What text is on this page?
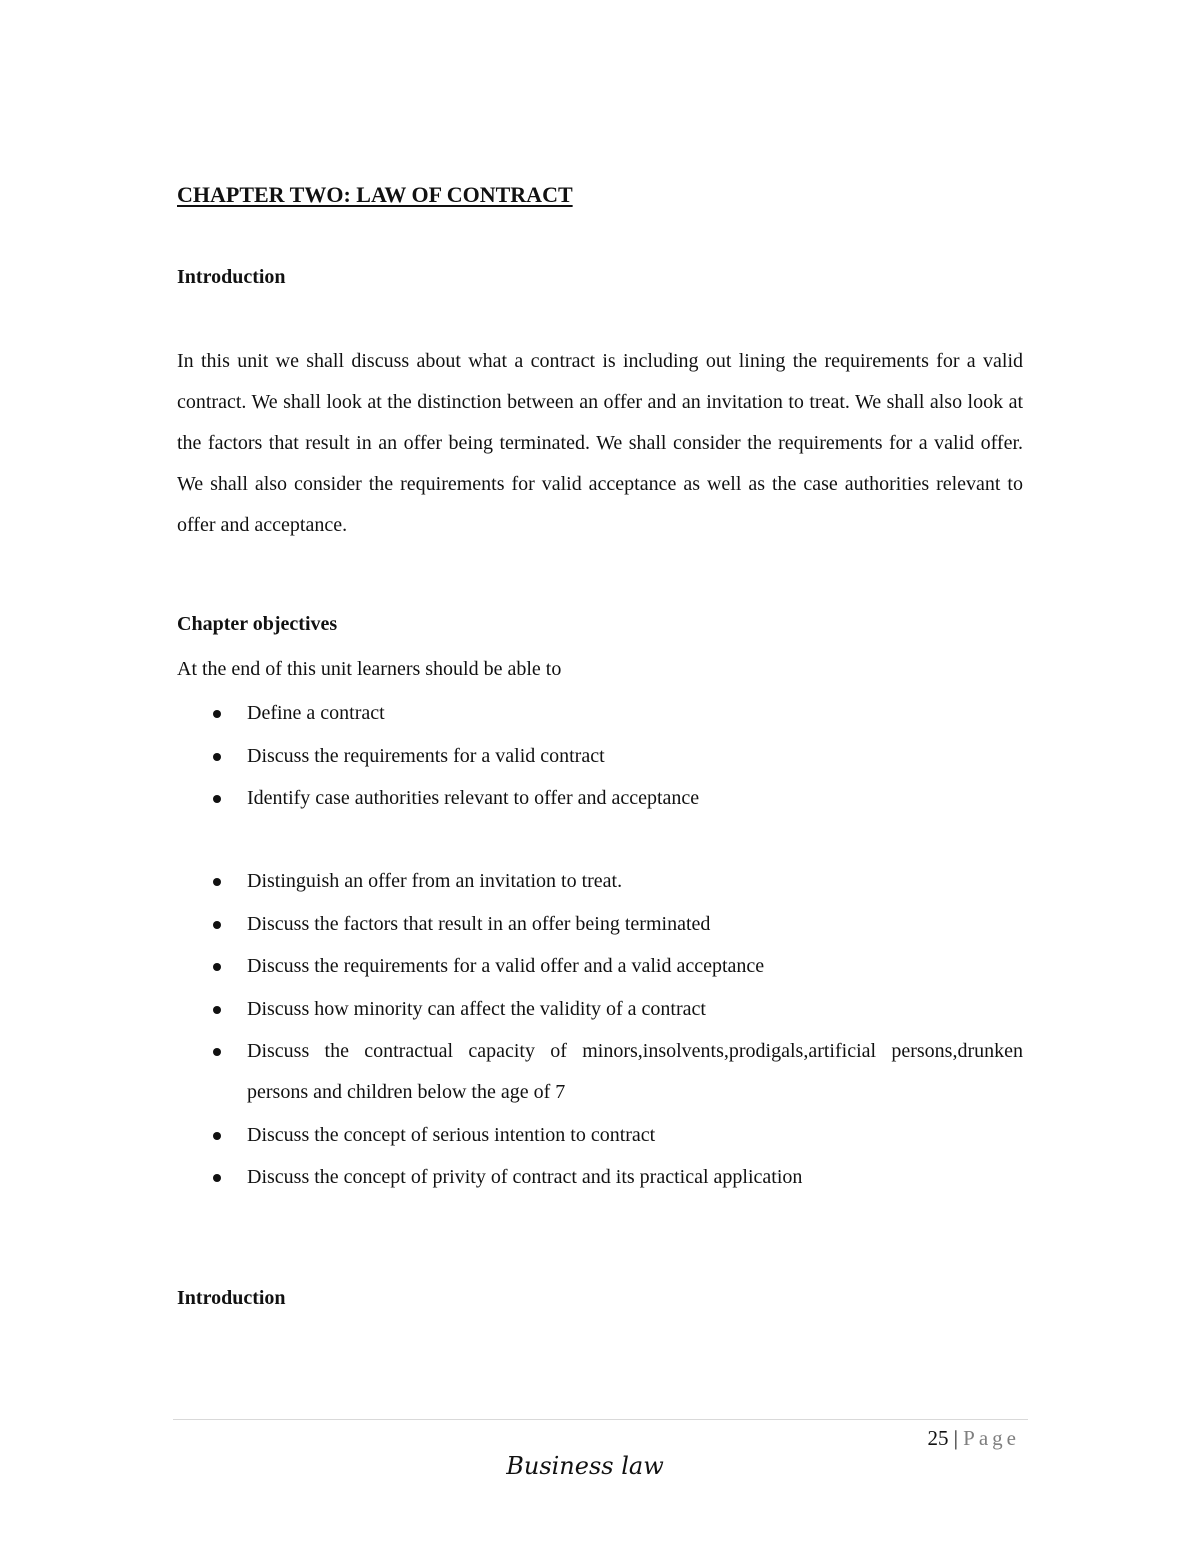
CHAPTER TWO: LAW OF CONTRACT
Introduction

In this unit we shall discuss about what a contract is including out lining the requirements for a valid contract. We shall look at the distinction between an offer and an invitation to treat. We shall also look at the factors that result in an offer being terminated. We shall consider the requirements for a valid offer. We shall also consider the requirements for valid acceptance as well as the case authorities relevant to offer and acceptance.

Chapter objectives

At the end of this unit learners should be able to

Define a contract
Discuss the requirements for a valid contract
Identify case authorities relevant to offer and acceptance
Distinguish an offer from an invitation to treat.
Discuss the factors that result in an offer being terminated
Discuss the requirements for a valid offer and a valid acceptance
Discuss how minority can affect the validity of a contract
Discuss the contractual capacity of minors,insolvents,prodigals,artificial persons,drunken persons and children below the age of 7
Discuss the concept of serious intention to contract
Discuss the concept of privity of contract and its practical application
Introduction

25 | Page

Business law
